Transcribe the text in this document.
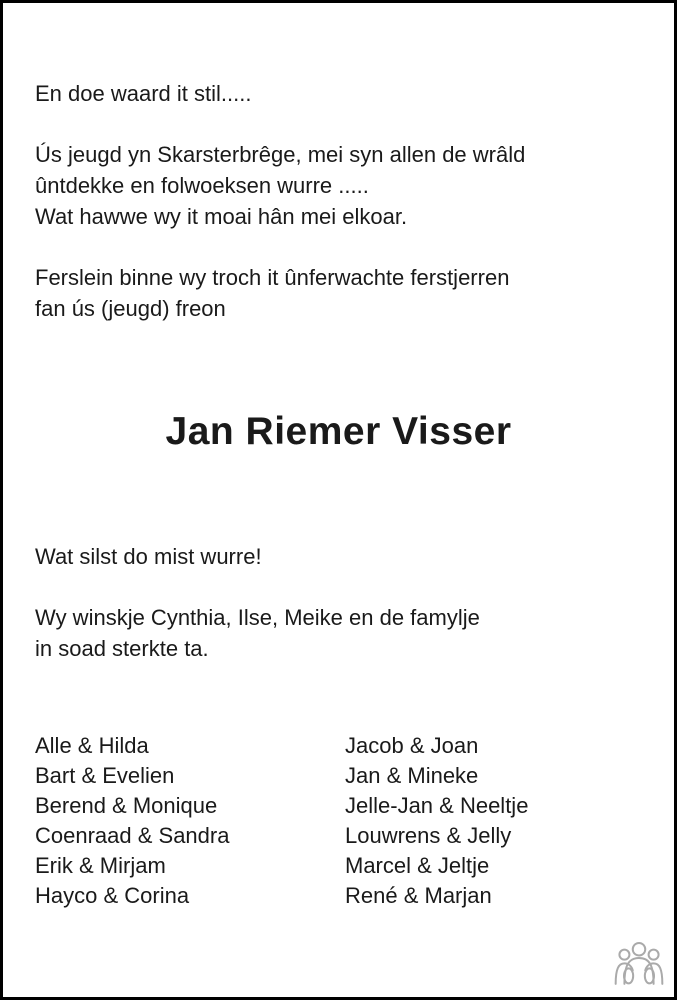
En doe waard it stil.....
Ús jeugd yn Skarsterbrêge, mei syn allen de wrâld
ûntdekke en folwoeksen wurre .....
Wat hawwe wy it moai hân mei elkoar.
Ferslein binne wy troch it ûnferwachte ferstjerren
fan ús (jeugd) freon
Jan Riemer Visser
Wat silst do mist wurre!
Wy winskje Cynthia, Ilse, Meike en de famylje
in soad sterkte ta.
Alle & Hilda
Bart & Evelien
Berend & Monique
Coenraad & Sandra
Erik & Mirjam
Hayco & Corina
Jacob & Joan
Jan & Mineke
Jelle-Jan & Neeltje
Louwrens & Jelly
Marcel & Jeltje
René & Marjan
